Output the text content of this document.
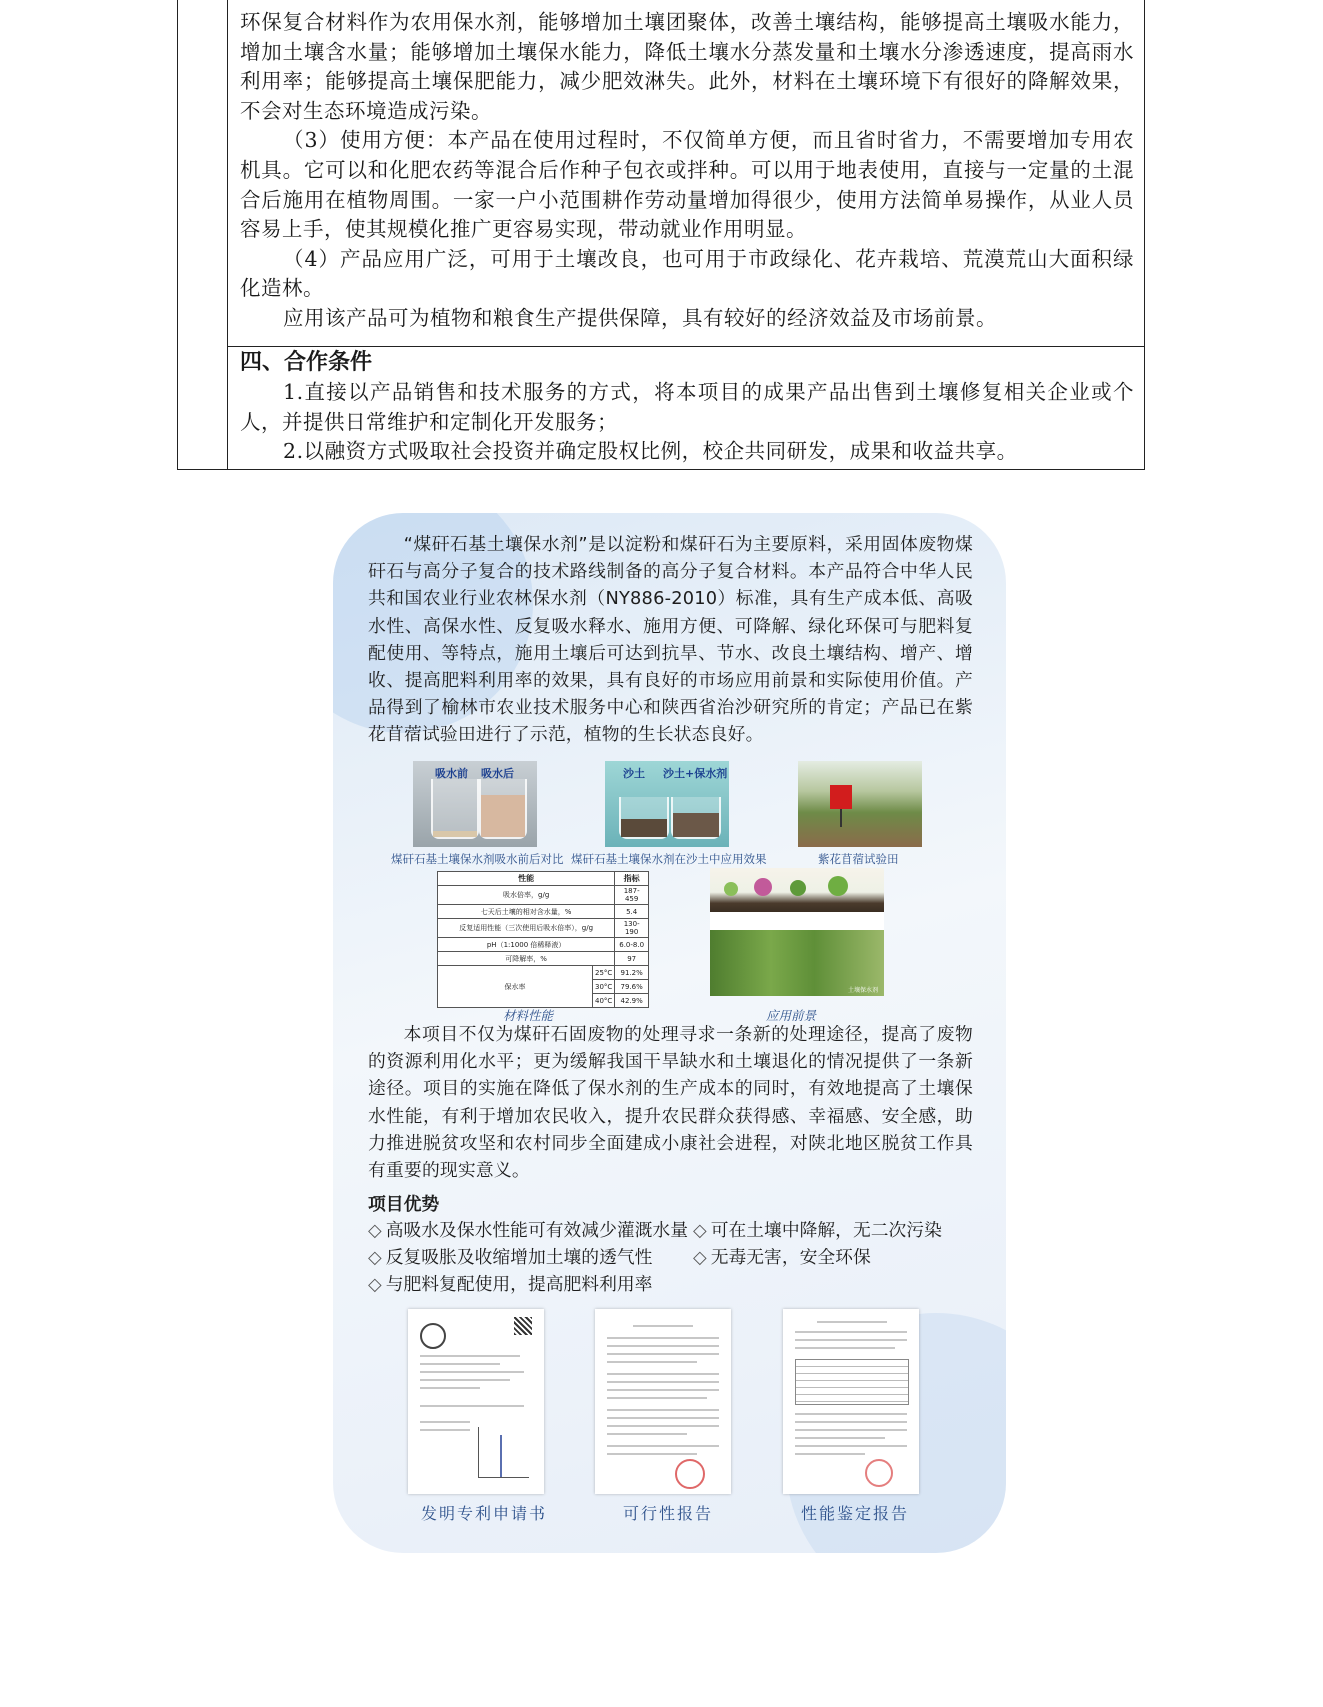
环保复合材料作为农用保水剂，能够增加土壤团聚体，改善土壤结构，能够提高土壤吸水能力，增加土壤含水量；能够增加土壤保水能力，降低土壤水分蒸发量和土壤水分渗透速度，提高雨水利用率；能够提高土壤保肥能力，减少肥效淋失。此外，材料在土壤环境下有很好的降解效果，不会对生态环境造成污染。

（3）使用方便：本产品在使用过程时，不仅简单方便，而且省时省力，不需要增加专用农机具。它可以和化肥农药等混合后作种子包衣或拌种。可以用于地表使用，直接与一定量的土混合后施用在植物周围。一家一户小范围耕作劳动量增加得很少，使用方法简单易操作，从业人员容易上手，使其规模化推广更容易实现，带动就业作用明显。

（4）产品应用广泛，可用于土壤改良，也可用于市政绿化、花卉栽培、荒漠荒山大面积绿化造林。

应用该产品可为植物和粮食生产提供保障，具有较好的经济效益及市场前景。

四、合作条件

1.直接以产品销售和技术服务的方式，将本项目的成果产品出售到土壤修复相关企业或个人，并提供日常维护和定制化开发服务；

2.以融资方式吸取社会投资并确定股权比例，校企共同研发，成果和收益共享。

“煤矸石基土壤保水剂”是以淀粉和煤矸石为主要原料，采用固体废物煤矸石与高分子复合的技术路线制备的高分子复合材料。本产品符合中华人民共和国农业行业农林保水剂（NY886-2010）标准，具有生产成本低、高吸水性、高保水性、反复吸水释水、施用方便、可降解、绿化环保可与肥料复配使用、等特点，施用土壤后可达到抗旱、节水、改良土壤结构、增产、增收、提高肥料利用率的效果，具有良好的市场应用前景和实际使用价值。产品得到了榆林市农业技术服务中心和陕西省治沙研究所的肯定；产品已在紫花苜蓿试验田进行了示范，植物的生长状态良好。
吸水前 吸水后	沙土 沙土+保水剂
煤矸石基土壤保水剂吸水前后对比 煤矸石基土壤保水剂在沙土中应用效果	紫花苜蓿试验田
性能		指标
吸水倍率，g/g		187-459
七天后土壤的相对含水量，%		5.4
反复适用性能（三次使用后吸水倍率），g/g		130-190
pH（1:1000 倍稀释液）		6.0-8.0
可降解率，%		97
保水率	25°C	91.2%
	30°C	79.6%
	40°C	42.9%
土壤保水剂
材料性能	应用前景
本项目不仅为煤矸石固废物的处理寻求一条新的处理途径，提高了废物的资源利用化水平；更为缓解我国干旱缺水和土壤退化的情况提供了一条新途径。项目的实施在降低了保水剂的生产成本的同时，有效地提高了土壤保水性能，有利于增加农民收入，提升农民群众获得感、幸福感、安全感，助力推进脱贫攻坚和农村同步全面建成小康社会进程，对陕北地区脱贫工作具有重要的现实意义。
项目优势
◇ 高吸水及保水性能可有效减少灌溉水量 ◇ 可在土壤中降解，无二次污染
◇ 反复吸胀及收缩增加土壤的透气性 ◇ 无毒无害，安全环保
◇ 与肥料复配使用，提高肥料利用率
发明专利申请书	可行性报告	性能鉴定报告
